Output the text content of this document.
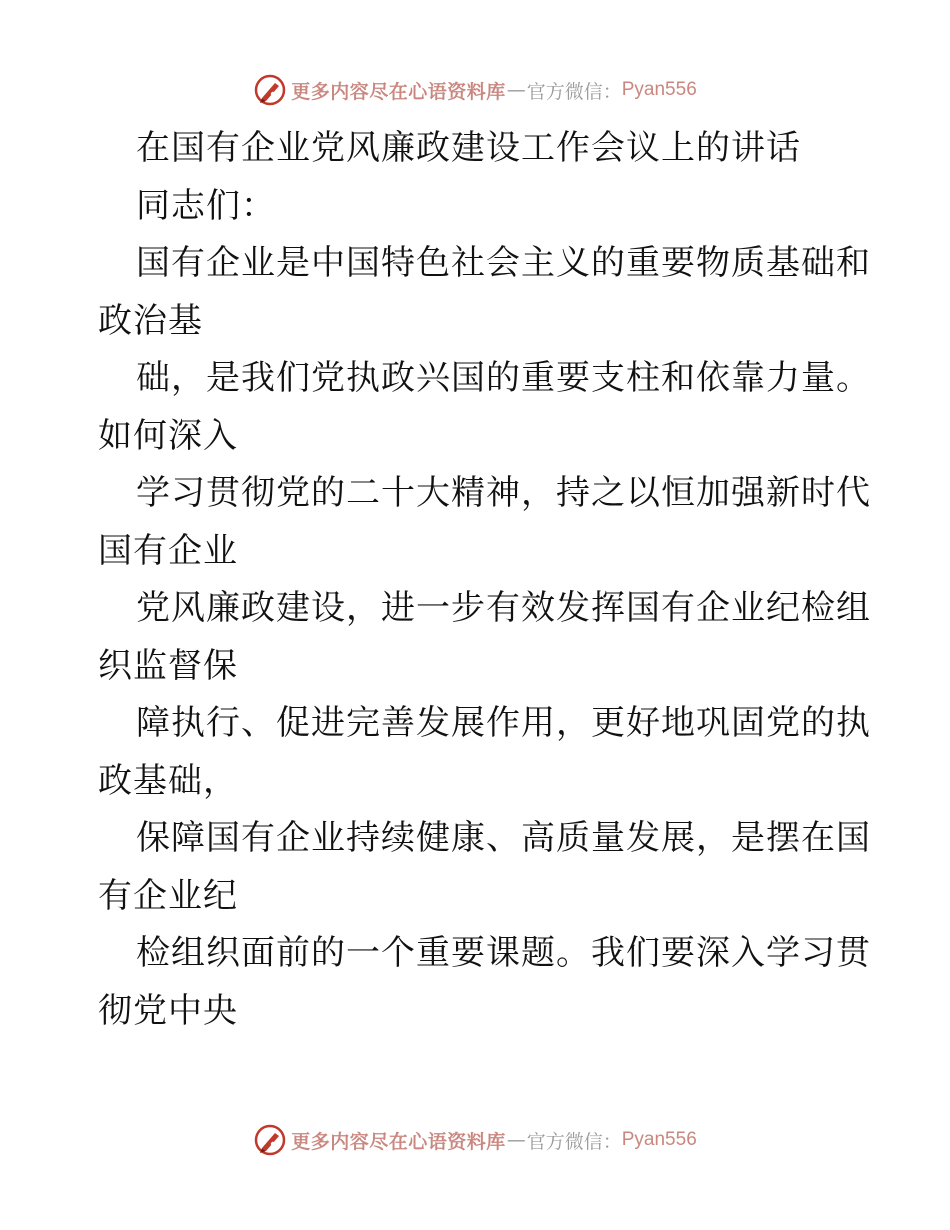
更多内容尽在心语资料库 — 官方微信： Pyan556
在国有企业党风廉政建设工作会议上的讲话
同志们：
国有企业是中国特色社会主义的重要物质基础和
政治基
础，是我们党执政兴国的重要支柱和依靠力量。
如何深入
学习贯彻党的二十大精神，持之以恒加强新时代
国有企业
党风廉政建设，进一步有效发挥国有企业纪检组
织监督保
障执行、促进完善发展作用，更好地巩固党的执
政基础，
保障国有企业持续健康、高质量发展，是摆在国
有企业纪
检组织面前的一个重要课题。我们要深入学习贯
彻党中央
更多内容尽在心语资料库 — 官方微信： Pyan556
